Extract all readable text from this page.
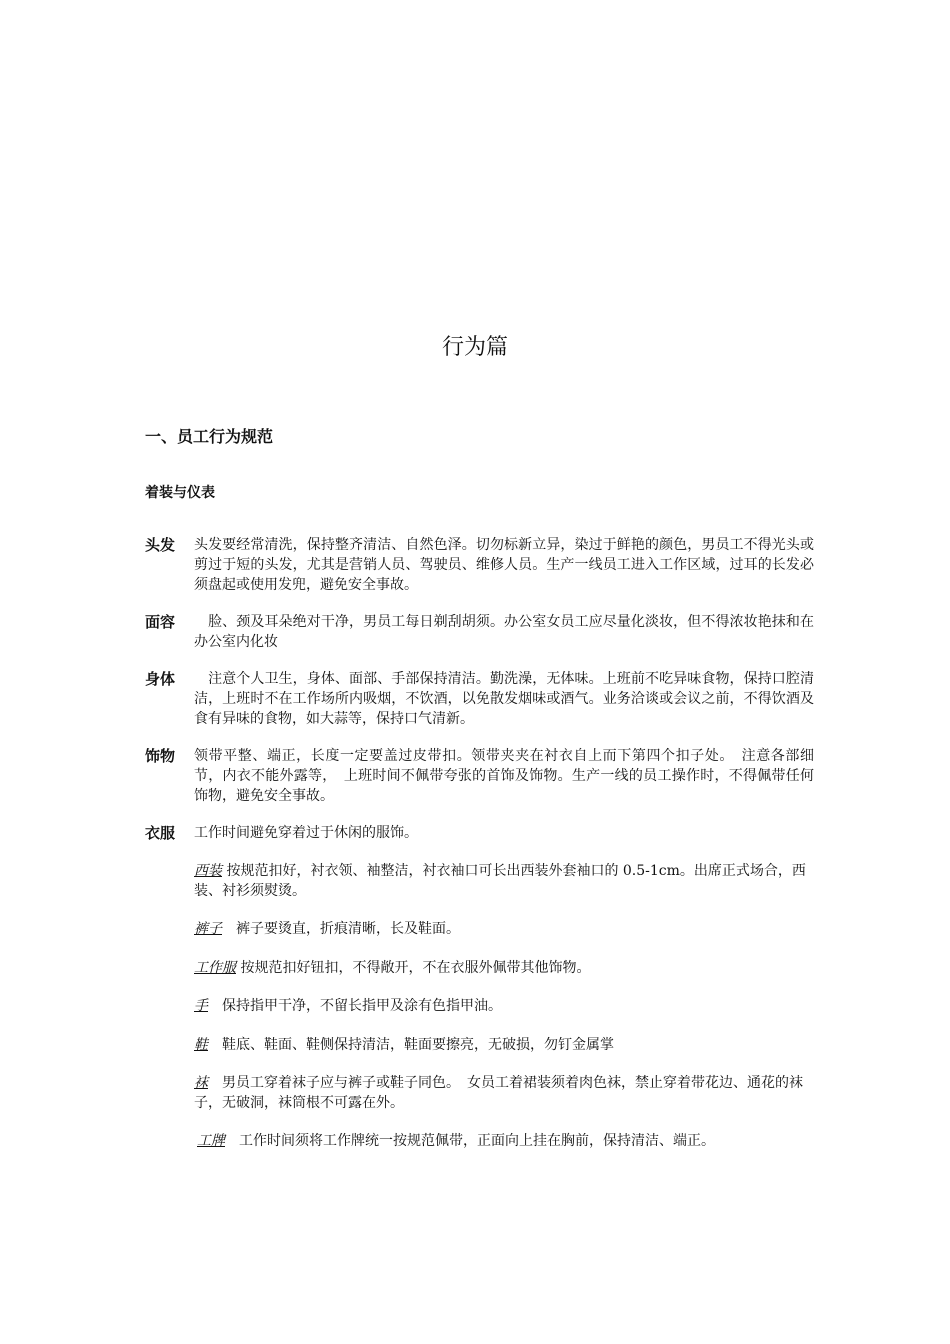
行为篇
一、员工行为规范
着装与仪表
头发 头发要经常清洗，保持整齐清洁、自然色泽。切勿标新立异，染过于鲜艳的颜色，男员工不得光头或剪过于短的头发，尤其是营销人员、驾驶员、维修人员。生产一线员工进入工作区域，过耳的长发必须盘起或使用发兜，避免安全事故。
面容 　脸、颈及耳朵绝对干净，男员工每日剃刮胡须。办公室女员工应尽量化淡妆，但不得浓妆艳抹和在办公室内化妆
身体 　注意个人卫生，身体、面部、手部保持清洁。勤洗澡，无体味。上班前不吃异味食物，保持口腔清洁，上班时不在工作场所内吸烟，不饮酒，以免散发烟味或酒气。业务洽谈或会议之前，不得饮酒及食有异味的食物，如大蒜等，保持口气清新。
饰物 领带平整、端正，长度一定要盖过皮带扣。领带夹夹在衬衣自上而下第四个扣子处。　注意各部细节，内衣不能外露等，　上班时间不佩带夸张的首饰及饰物。生产一线的员工操作时，不得佩带任何饰物，避免安全事故。
衣服 工作时间避免穿着过于休闲的服饰。
西装 按规范扣好，衬衣领、袖整洁，衬衣袖口可长出西装外套袖口的 0.5-1cm。出席正式场合，西装、衬衫须熨烫。
裤子　裤子要烫直，折痕清晰，长及鞋面。
工作服 按规范扣好钮扣，不得敞开，不在衣服外佩带其他饰物。
手　保持指甲干净，不留长指甲及涂有色指甲油。
鞋　鞋底、鞋面、鞋侧保持清洁，鞋面要擦亮，无破损，勿钉金属掌
袜　男员工穿着袜子应与裤子或鞋子同色。　女员工着裙装须着肉色袜，禁止穿着带花边、通花的袜子，无破洞，袜筒根不可露在外。
工牌　工作时间须将工作牌统一按规范佩带，正面向上挂在胸前，保持清洁、端正。
